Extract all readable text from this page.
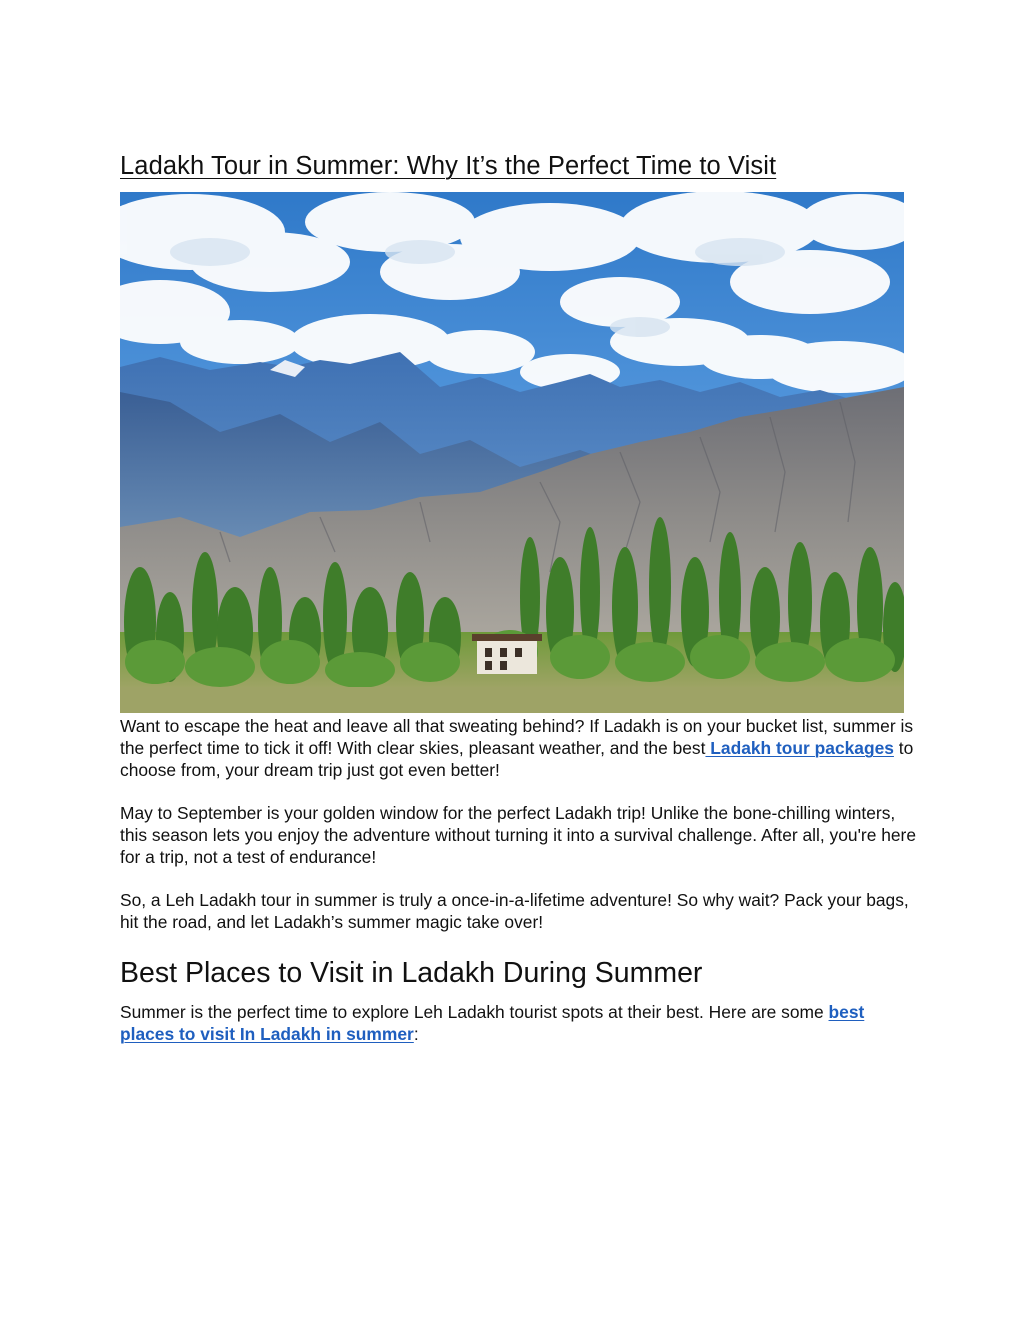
Ladakh Tour in Summer: Why It’s the Perfect Time to Visit

Want to escape the heat and leave all that sweating behind? If Ladakh is on your bucket list, summer is the perfect time to tick it off! With clear skies, pleasant weather, and the best Ladakh tour packages to choose from, your dream trip just got even better!

May to September is your golden window for the perfect Ladakh trip! Unlike the bone-chilling winters, this season lets you enjoy the adventure without turning it into a survival challenge. After all, you're here for a trip, not a test of endurance!

So, a Leh Ladakh tour in summer is truly a once-in-a-lifetime adventure! So why wait? Pack your bags, hit the road, and let Ladakh’s summer magic take over!

Best Places to Visit in Ladakh During Summer

Summer is the perfect time to explore Leh Ladakh tourist spots at their best. Here are some best places to visit In Ladakh in summer:
